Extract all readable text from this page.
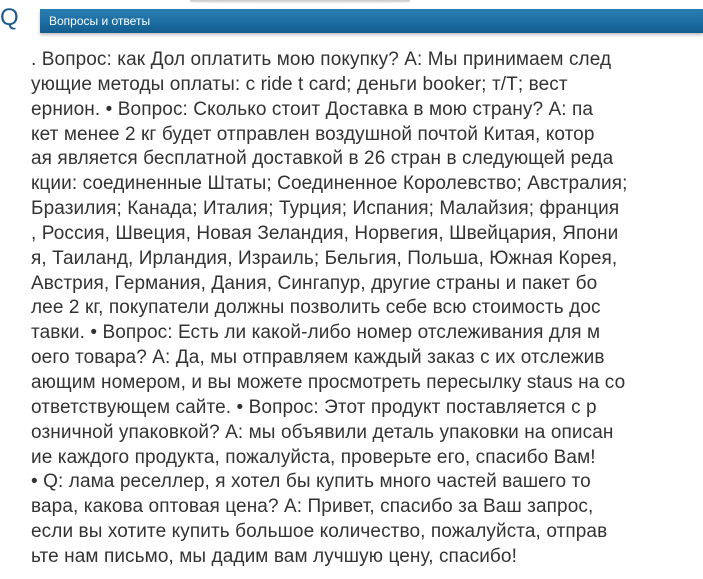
Q	Вопросы и ответы
. Вопрос: как Дол оплатить мою покупку? A: Мы принимаем след
ующие методы оплаты: с ride t card; деньги booker; т/Т; вест
ернион. • Вопрос: Сколько стоит Доставка в мою страну? A: па
кет менее 2 кг будет отправлен воздушной почтой Китая, котор
ая является бесплатной доставкой в 26 стран в следующей реда
кции: соединенные Штаты; Соединенное Королевство; Австралия;
Бразилия; Канада; Италия; Турция; Испания; Малайзия; франция
, Россия, Швеция, Новая Зеландия, Норвегия, Швейцария, Япони
я, Таиланд, Ирландия, Израиль; Бельгия, Польша, Южная Корея,
Австрия, Германия, Дания, Сингапур, другие страны и пакет бо
лее 2 кг, покупатели должны позволить себе всю стоимость дос
тавки. • Вопрос: Есть ли какой-либо номер отслеживания для м
оего товара? A: Да, мы отправляем каждый заказ с их отслежив
ающим номером, и вы можете просмотреть пересылку staus на со
ответствующем сайте. • Вопрос: Этот продукт поставляется с р
озничной упаковкой? A: мы объявили деталь упаковки на описан
ие каждого продукта, пожалуйста, проверьте его, спасибо Вам!
• Q: лама реселлер, я хотел бы купить много частей вашего то
вара, какова оптовая цена? A: Привет, спасибо за Ваш запрос,
если вы хотите купить большое количество, пожалуйста, отправ
ьте нам письмо, мы дадим вам лучшую цену, спасибо!
